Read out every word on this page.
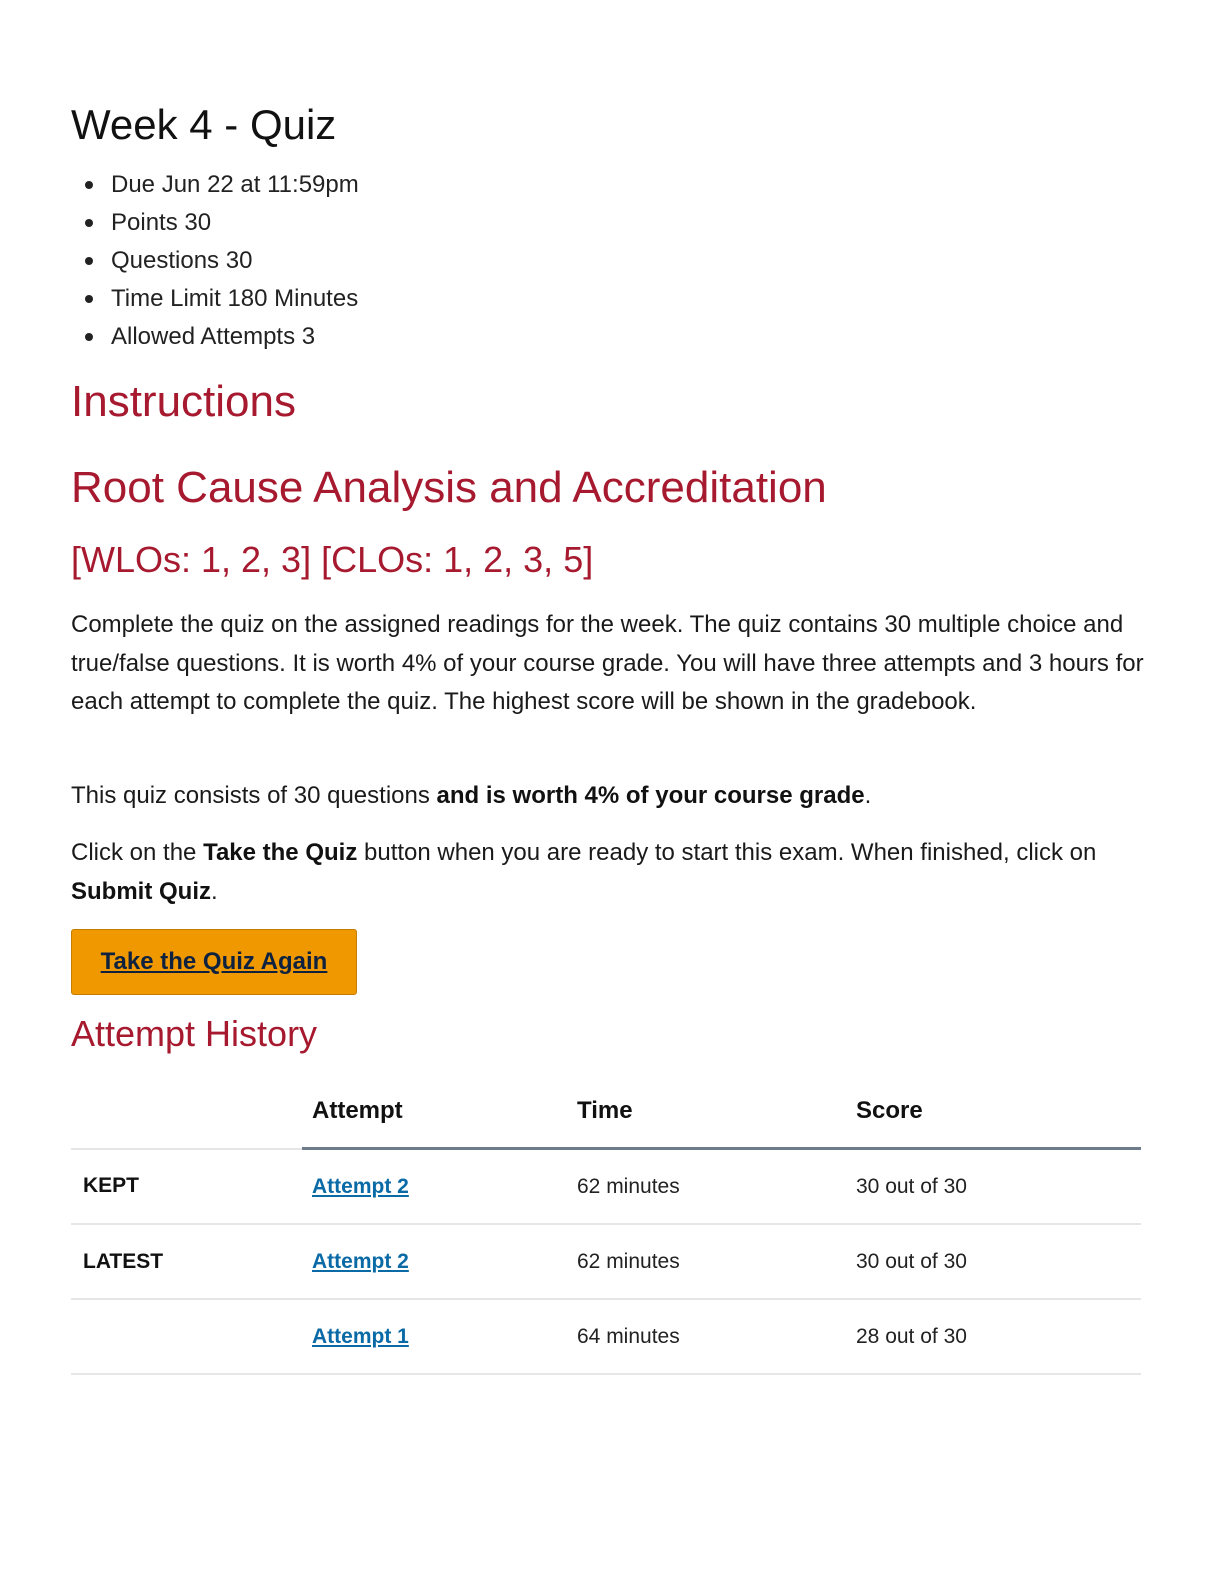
Week 4 - Quiz
Due Jun 22 at 11:59pm
Points 30
Questions 30
Time Limit 180 Minutes
Allowed Attempts 3
Instructions
Root Cause Analysis and Accreditation
[WLOs: 1, 2, 3] [CLOs: 1, 2, 3, 5]

Complete the quiz on the assigned readings for the week. The quiz contains 30 multiple choice and true/false questions. It is worth 4% of your course grade. You will have three attempts and 3 hours for each attempt to complete the quiz. The highest score will be shown in the gradebook.

This quiz consists of 30 questions and is worth 4% of your course grade.

Click on the Take the Quiz button when you are ready to start this exam. When finished, click on Submit Quiz.

Take the Quiz Again
Attempt History
	Attempt	Time	Score
KEPT	Attempt 2	62 minutes	30 out of 30
LATEST	Attempt 2	62 minutes	30 out of 30
	Attempt 1	64 minutes	28 out of 30
